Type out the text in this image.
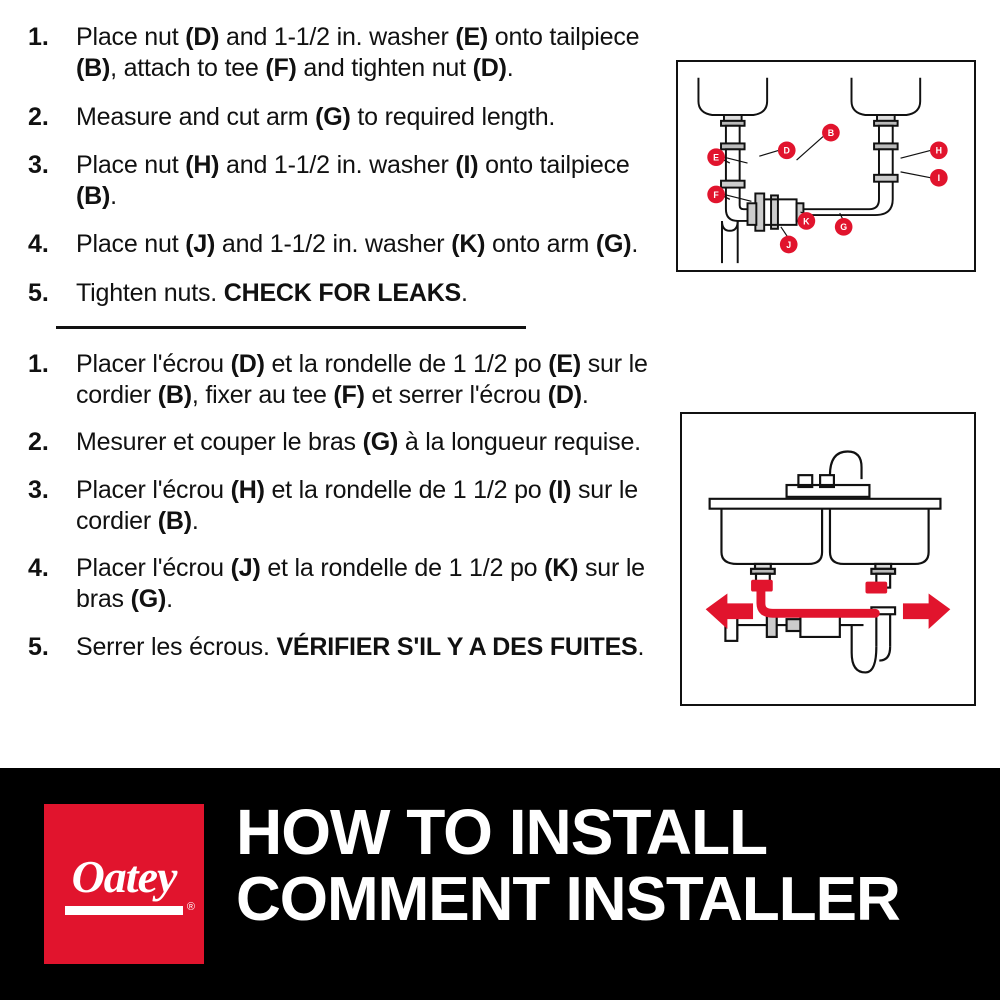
1.	Place nut (D) and 1-1/2 in. washer (E) onto tailpiece (B), attach to tee (F) and tighten nut (D).
2.	Measure and cut arm (G) to required length.
3.	Place nut (H) and 1-1/2 in. washer (I) onto tailpiece (B).
4.	Place nut (J) and 1-1/2 in. washer (K) onto arm (G).
5.	Tighten nuts. CHECK FOR LEAKS.
1.	Placer l'écrou (D) et la rondelle de 1 1/2 po (E) sur le cordier (B), fixer au tee (F) et serrer l'écrou (D).
2.	Mesurer et couper le bras (G) à la longueur requise.
3.	Placer l'écrou (H) et la rondelle de 1 1/2 po (I) sur le cordier (B).
4.	Placer l'écrou (J) et la rondelle de 1 1/2 po (K) sur le bras (G).
5.	Serrer les écrous. VÉRIFIER S'IL Y A DES FUITES.
E
F
D
B
H
I
K
J
G
Oatey
®
HOW TO INSTALL
COMMENT INSTALLER
